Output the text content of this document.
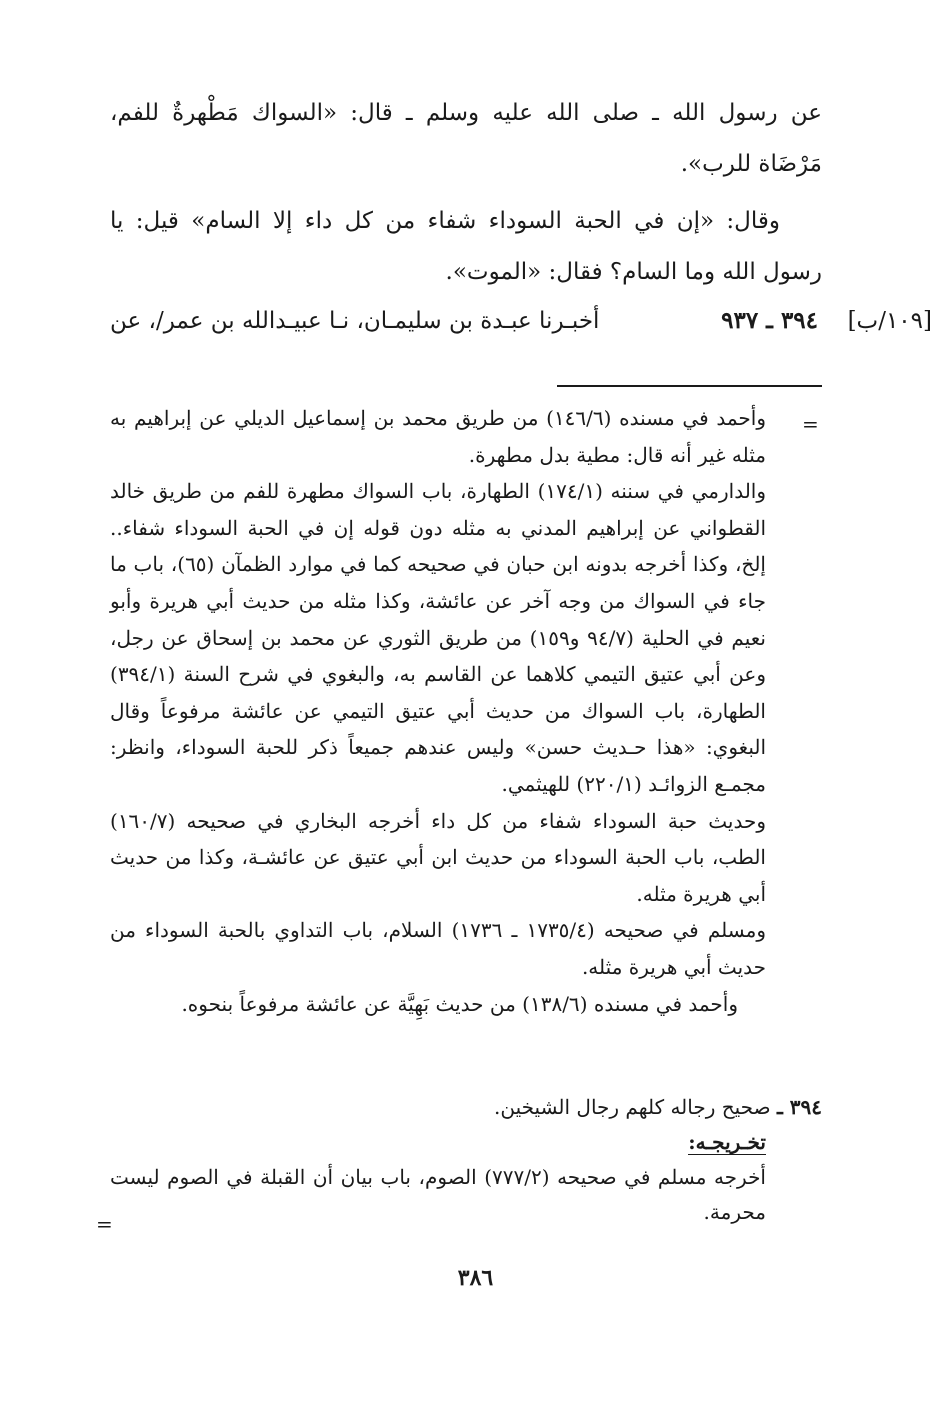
عن رسول الله ـ صلى الله عليه وسلم ـ قال: «السواك مَطْهرةٌ للفم، مَرْضَاة للرب».

وقال: «إن في الحبة السوداء شفاء من كل داء إلا السام» قيل: يا رسول الله وما السام؟ فقال: «الموت».

[١٠٩/ب]
٣٩٤ ـ ٩٣٧
أخبـرنا عبـدة بن سليمـان، نـا عبيـدالله بن عمر/، عن
=

وأحمد في مسنده (١٤٦/٦) من طريق محمد بن إسماعيل الديلي عن إبراهيم به مثله غير أنه قال: مطية بدل مطهرة.

والدارمي في سننه (١٧٤/١) الطهارة، باب السواك مطهرة للفم من طريق خالد القطواني عن إبراهيم المدني به مثله دون قوله إن في الحبة السوداء شفاء.. إلخ، وكذا أخرجه بدونه ابن حبان في صحيحه كما في موارد الظمآن (٦٥)، باب ما جاء في السواك من وجه آخر عن عائشة، وكذا مثله من حديث أبي هريرة وأبو نعيم في الحلية (٩٤/٧ و١٥٩) من طريق الثوري عن محمد بن إسحاق عن رجل، وعن أبي عتيق التيمي كلاهما عن القاسم به، والبغوي في شرح السنة (٣٩٤/١) الطهارة، باب السواك من حديث أبي عتيق التيمي عن عائشة مرفوعاً وقال البغوي: «هذا حـديث حسن» وليس عندهم جميعاً ذكر للحبة السوداء، وانظر: مجمـع الزوائـد (٢٢٠/١) للهيثمي.

وحديث حبة السوداء شفاء من كل داء أخرجه البخاري في صحيحه (١٦٠/٧) الطب، باب الحبة السوداء من حديث ابن أبي عتيق عن عائشـة، وكذا من حديث أبي هريرة مثله.

ومسلم في صحيحه (١٧٣٥/٤ ـ ١٧٣٦) السلام، باب التداوي بالحبة السوداء من حديث أبي هريرة مثله.

وأحمد في مسنده (١٣٨/٦) من حديث بَهِيَّة عن عائشة مرفوعاً بنحوه.

٣٩٤ ـ صحيح رجاله كلهم رجال الشيخين.

تخـريجـه:

أخرجه مسلم في صحيحه (٧٧٧/٢) الصوم، باب بيان أن القبلة في الصوم ليست محرمة.

=
٣٨٦
